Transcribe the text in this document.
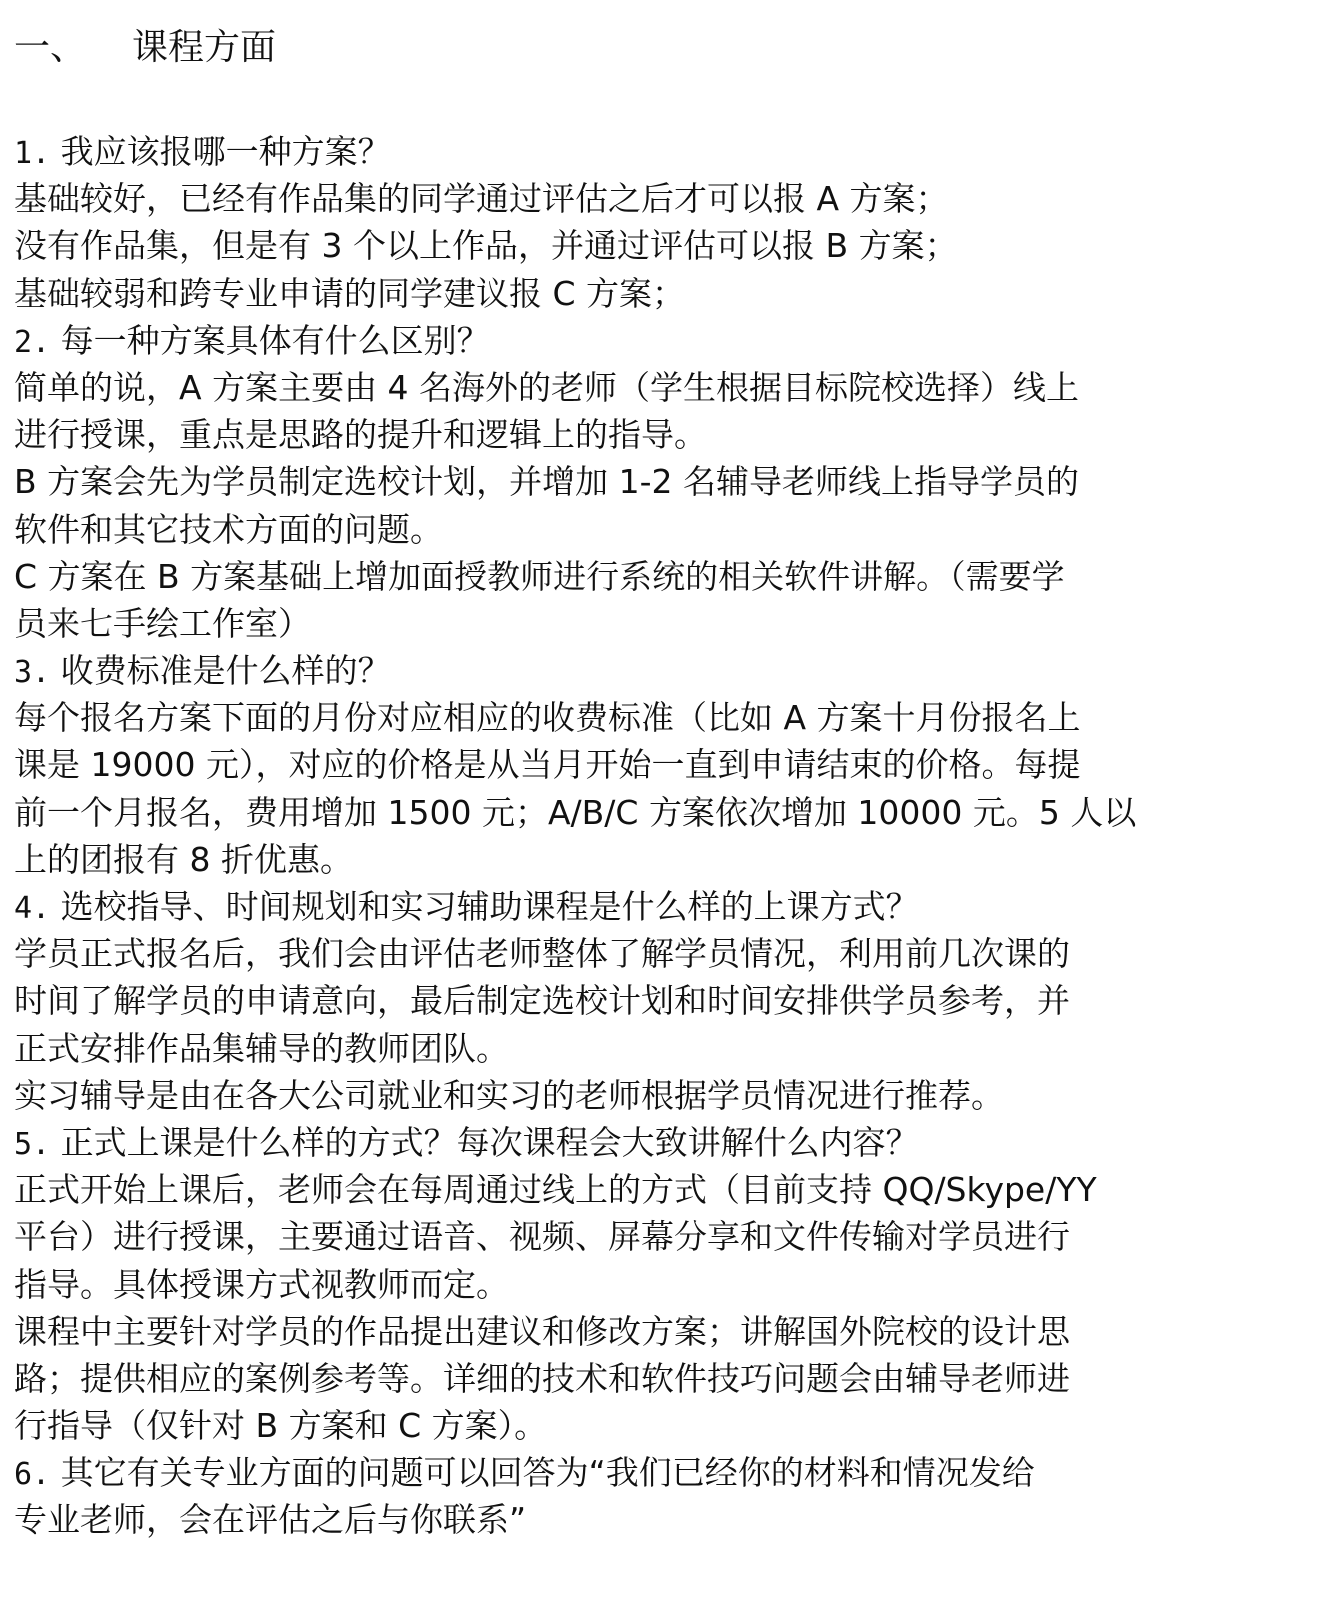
一、 课程方面
1. 我应该报哪一种方案？
基础较好，已经有作品集的同学通过评估之后才可以报 A 方案；
没有作品集，但是有 3 个以上作品，并通过评估可以报 B 方案；
基础较弱和跨专业申请的同学建议报 C 方案；
2. 每一种方案具体有什么区别？
简单的说，A 方案主要由 4 名海外的老师（学生根据目标院校选择）线上
进行授课，重点是思路的提升和逻辑上的指导。
B 方案会先为学员制定选校计划，并增加 1-2 名辅导老师线上指导学员的
软件和其它技术方面的问题。
C 方案在 B 方案基础上增加面授教师进行系统的相关软件讲解。（需要学
员来七手绘工作室）
3. 收费标准是什么样的？
每个报名方案下面的月份对应相应的收费标准（比如 A 方案十月份报名上
课是 19000 元），对应的价格是从当月开始一直到申请结束的价格。每提
前一个月报名，费用增加 1500 元；A/B/C 方案依次增加 10000 元。5 人以
上的团报有 8 折优惠。
4. 选校指导、时间规划和实习辅助课程是什么样的上课方式？
学员正式报名后，我们会由评估老师整体了解学员情况，利用前几次课的
时间了解学员的申请意向，最后制定选校计划和时间安排供学员参考，并
正式安排作品集辅导的教师团队。
实习辅导是由在各大公司就业和实习的老师根据学员情况进行推荐。
5. 正式上课是什么样的方式？每次课程会大致讲解什么内容？
正式开始上课后，老师会在每周通过线上的方式（目前支持 QQ/Skype/YY
平台）进行授课，主要通过语音、视频、屏幕分享和文件传输对学员进行
指导。具体授课方式视教师而定。
课程中主要针对学员的作品提出建议和修改方案；讲解国外院校的设计思
路；提供相应的案例参考等。详细的技术和软件技巧问题会由辅导老师进
行指导（仅针对 B 方案和 C 方案）。
6. 其它有关专业方面的问题可以回答为“我们已经你的材料和情况发给
专业老师，会在评估之后与你联系”
